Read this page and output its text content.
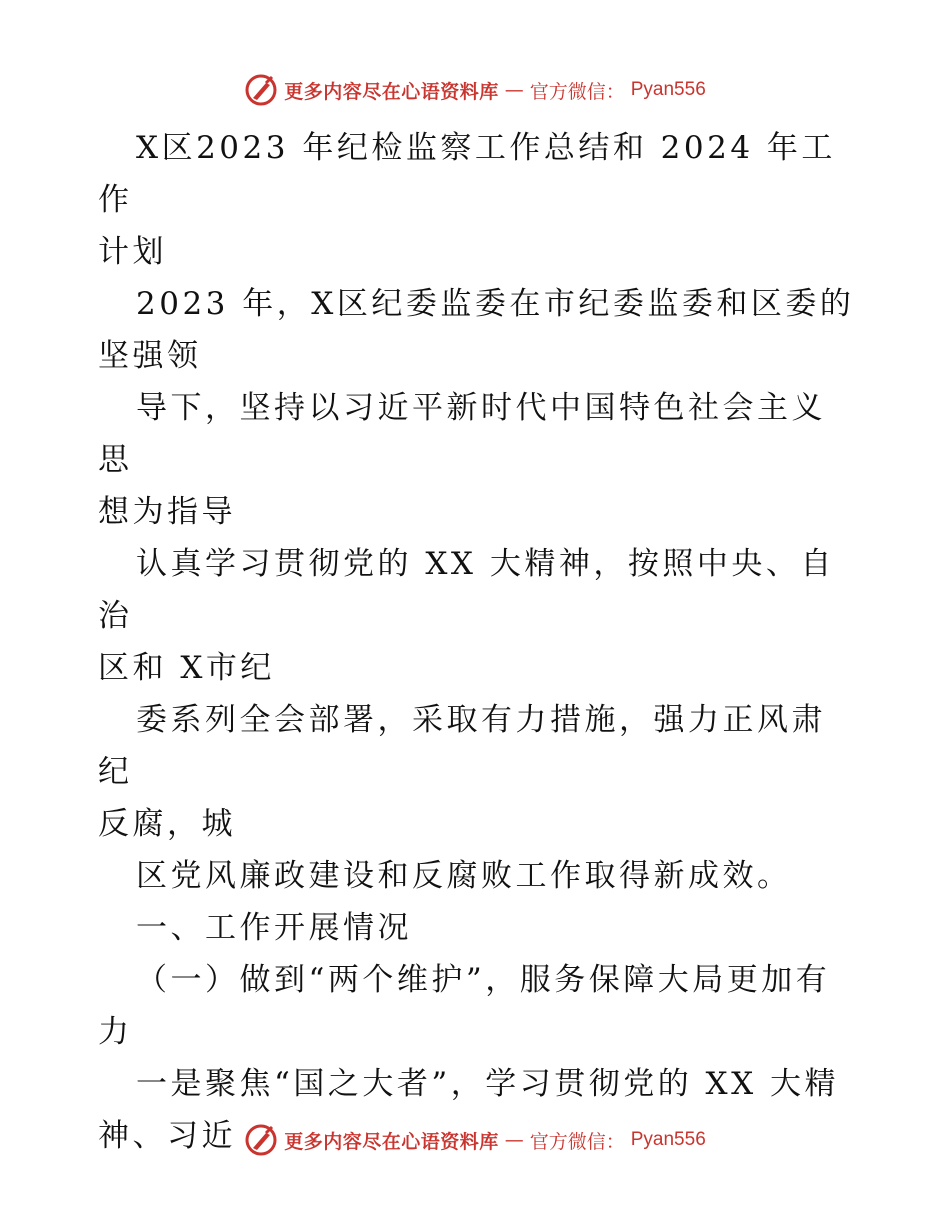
更多内容尽在心语资料库 — 官方微信： Pyan556

X区2023 年纪检监察工作总结和 2024 年工作
计划

2023 年，X区纪委监委在市纪委监委和区委的
坚强领

导下，坚持以习近平新时代中国特色社会主义思
想为指导

认真学习贯彻党的 XX 大精神，按照中央、自治
区和 X市纪

委系列全会部署，采取有力措施，强力正风肃纪
反腐，城

区党风廉政建设和反腐败工作取得新成效。

一、工作开展情况

（一）做到“两个维护”，服务保障大局更加有
力

一是聚焦“国之大者”，学习贯彻党的 XX 大精
神、习近	更多内容尽在心语资料库 — 官方微信： Pyan556
